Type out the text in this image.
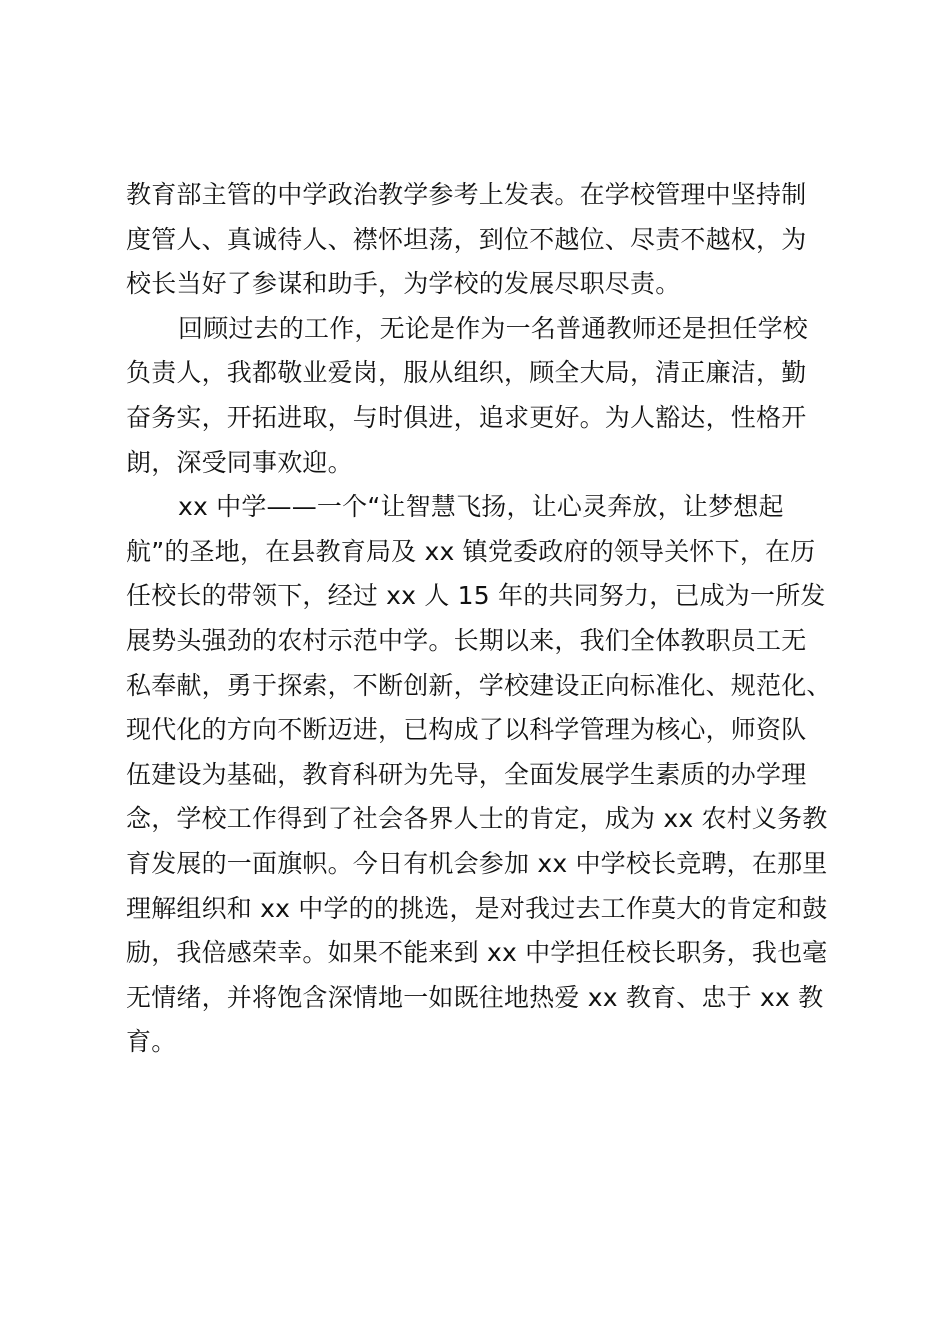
教育部主管的中学政治教学参考上发表。在学校管理中坚持制
度管人、真诚待人、襟怀坦荡，到位不越位、尽责不越权，为
校长当好了参谋和助手，为学校的发展尽职尽责。
回顾过去的工作，无论是作为一名普通教师还是担任学校
负责人，我都敬业爱岗，服从组织，顾全大局，清正廉洁，勤
奋务实，开拓进取，与时俱进，追求更好。为人豁达，性格开
朗，深受同事欢迎。
xx 中学——一个“让智慧飞扬，让心灵奔放，让梦想起
航”的圣地，在县教育局及 xx 镇党委政府的领导关怀下，在历
任校长的带领下，经过 xx 人 15 年的共同努力，已成为一所发
展势头强劲的农村示范中学。长期以来，我们全体教职员工无
私奉献，勇于探索，不断创新，学校建设正向标准化、规范化、
现代化的方向不断迈进，已构成了以科学管理为核心，师资队
伍建设为基础，教育科研为先导，全面发展学生素质的办学理
念，学校工作得到了社会各界人士的肯定，成为 xx 农村义务教
育发展的一面旗帜。今日有机会参加 xx 中学校长竞聘，在那里
理解组织和 xx 中学的的挑选，是对我过去工作莫大的肯定和鼓
励，我倍感荣幸。如果不能来到 xx 中学担任校长职务，我也毫
无情绪，并将饱含深情地一如既往地热爱 xx 教育、忠于 xx 教
育。
